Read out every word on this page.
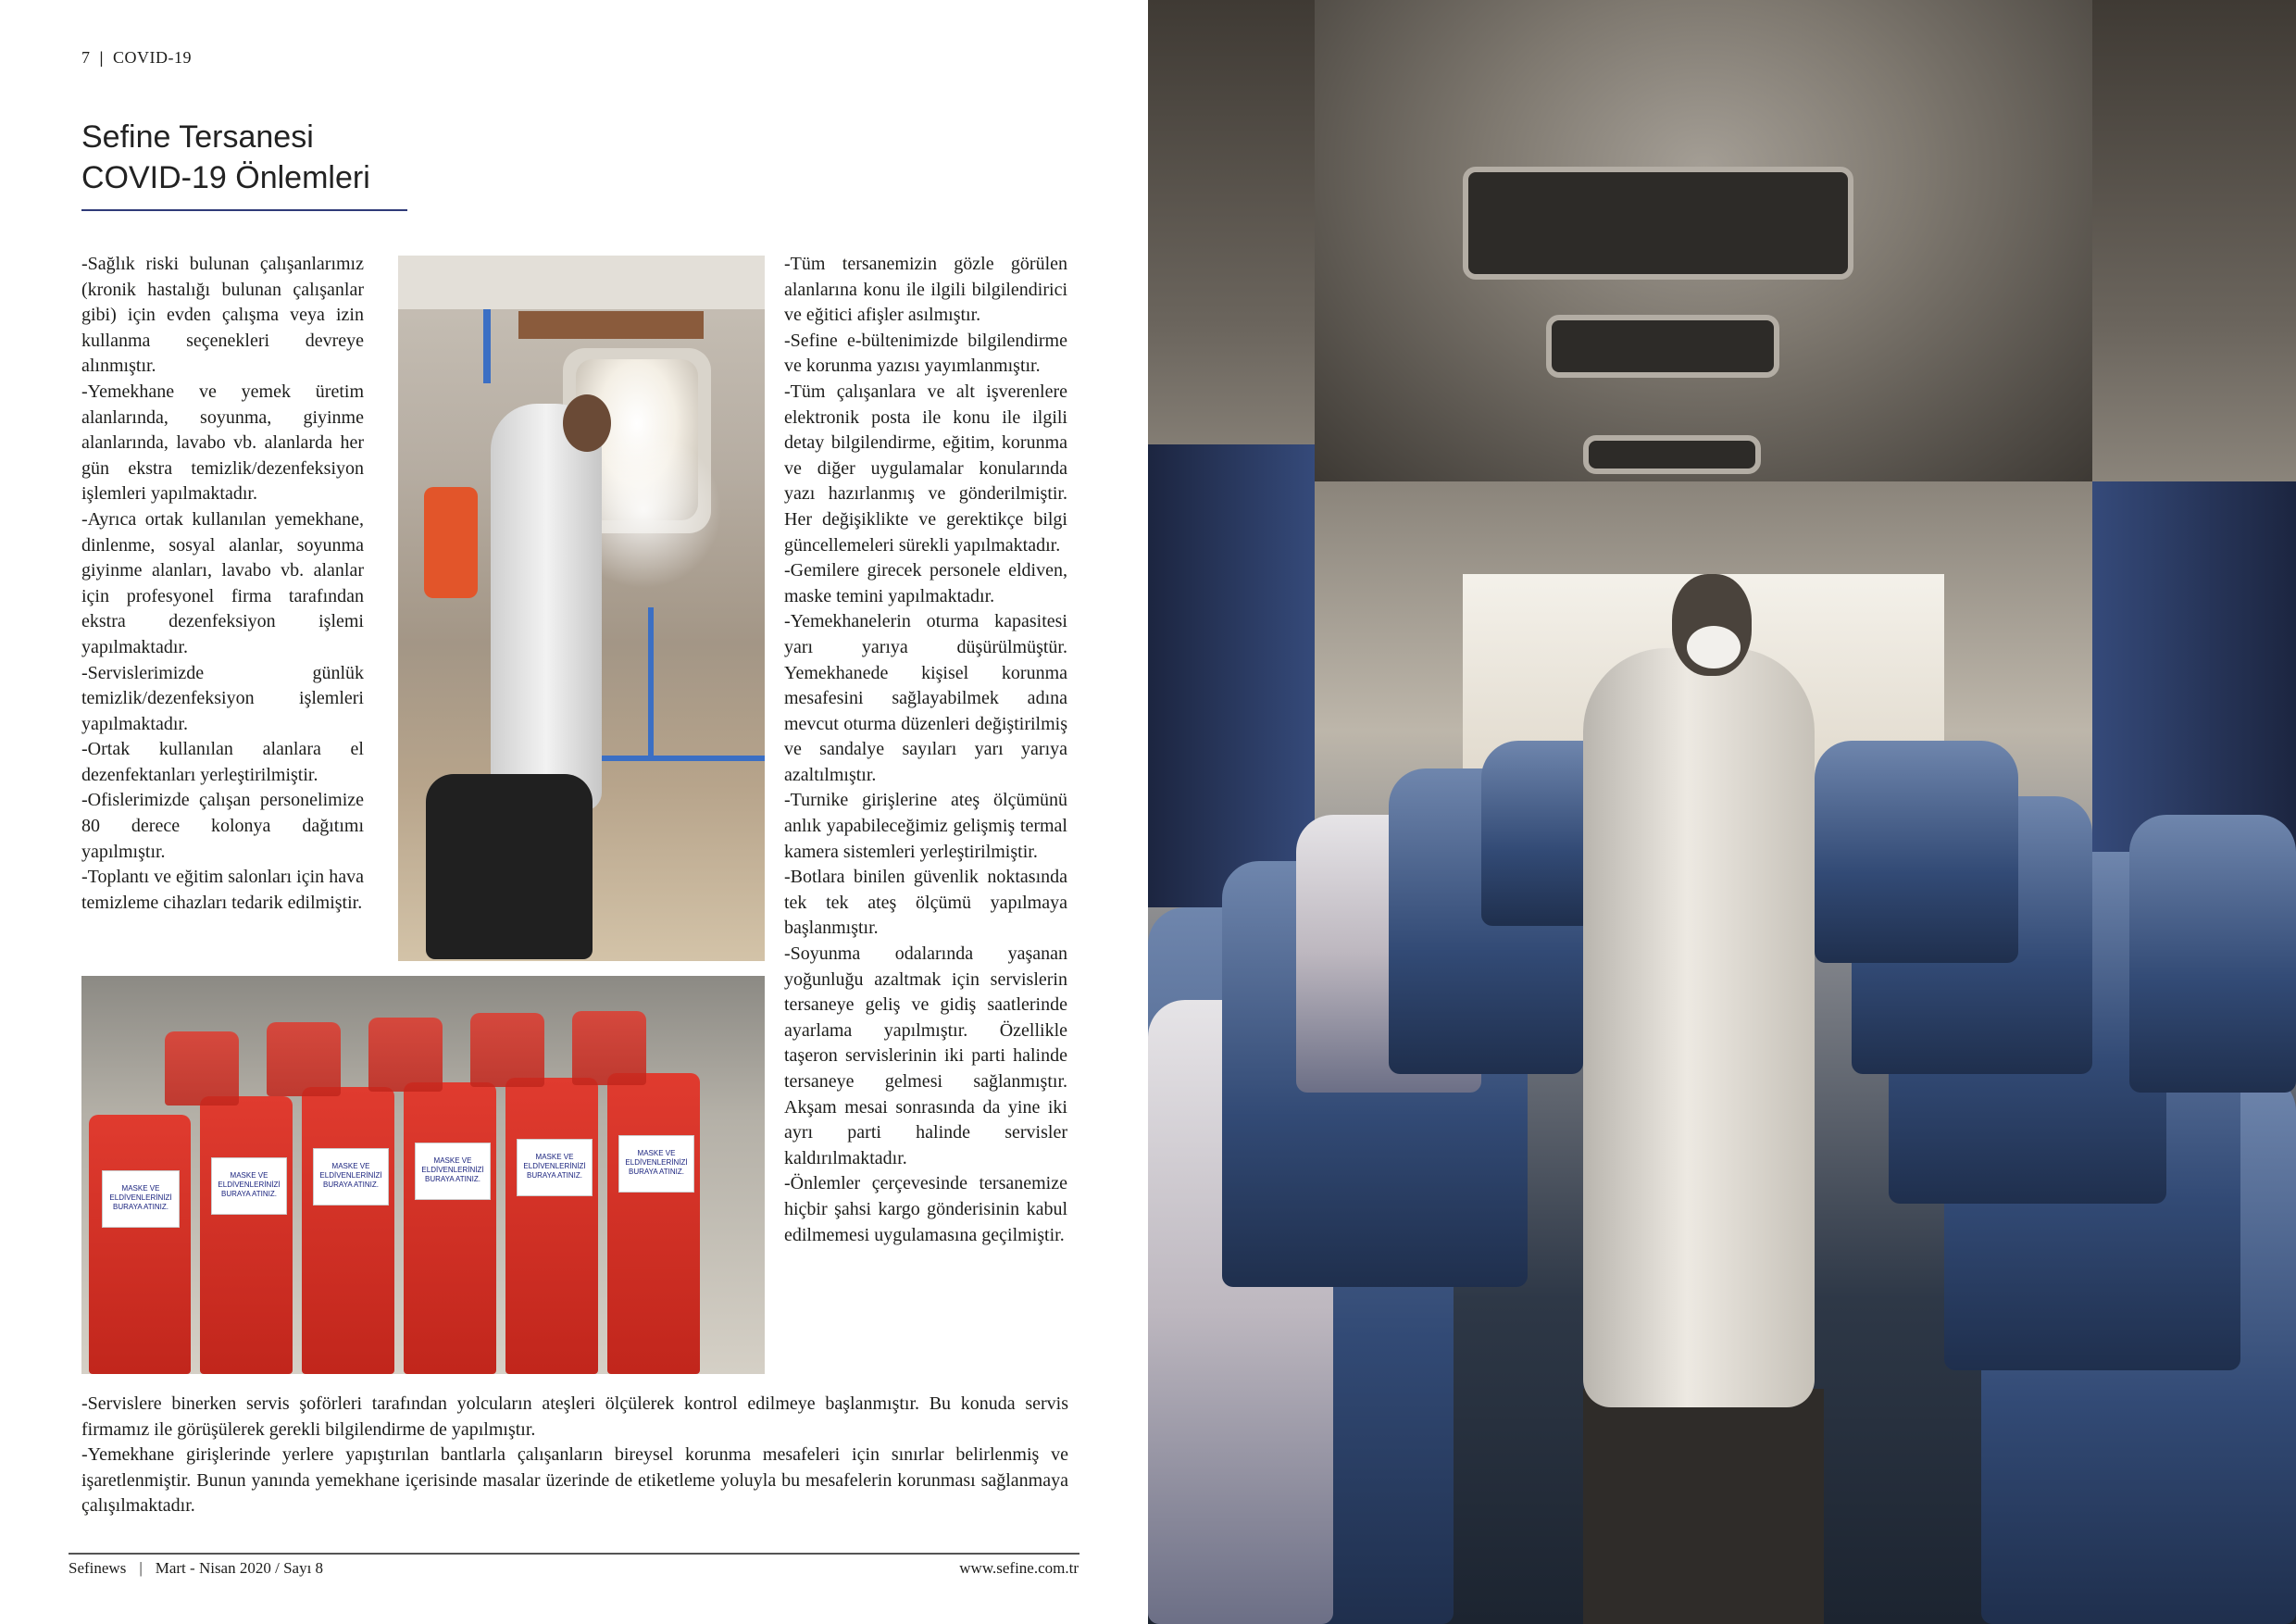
7 | COVID-19
Sefine Tersanesi
COVID-19 Önlemleri

-Sağlık riski bulunan çalışanlarımız (kronik hastalığı bulunan çalışanlar gibi) için evden çalışma veya izin kullanma seçenekleri devreye alınmıştır.

-Yemekhane ve yemek üretim alanlarında, soyunma, giyinme alanlarında, lavabo vb. alanlarda her gün ekstra temizlik/dezenfeksiyon işlemleri yapılmaktadır.

-Ayrıca ortak kullanılan yemekhane, dinlenme, sosyal alanlar, soyunma giyinme alanları, lavabo vb. alanlar için profesyonel firma tarafından ekstra dezenfeksiyon işlemi yapılmaktadır.

-Servislerimizde günlük temizlik/dezenfeksiyon işlemleri yapılmaktadır.

-Ortak kullanılan alanlara el dezenfektanları yerleştirilmiştir.

-Ofislerimizde çalışan personelimize 80 derece kolonya dağıtımı yapılmıştır.

-Toplantı ve eğitim salonları için hava temizleme cihazları tedarik edilmiştir.

MASKE VE ELDİVENLERİNİZİ BURAYA ATINIZ.
MASKE VE ELDİVENLERİNİZİ BURAYA ATINIZ.
MASKE VE ELDİVENLERİNİZİ BURAYA ATINIZ.
MASKE VE ELDİVENLERİNİZİ BURAYA ATINIZ.
MASKE VE ELDİVENLERİNİZİ BURAYA ATINIZ.
MASKE VE ELDİVENLERİNİZİ BURAYA ATINIZ.

-Tüm tersanemizin gözle görülen alanlarına konu ile ilgili bilgilendirici ve eğitici afişler asılmıştır.

-Sefine e-bültenimizde bilgilendirme ve korunma yazısı yayımlanmıştır.

-Tüm çalışanlara ve alt işverenlere elektronik posta ile konu ile ilgili detay bilgilendirme, eğitim, korunma ve diğer uygulamalar konularında yazı hazırlanmış ve gönderilmiştir. Her değişiklikte ve gerektikçe bilgi güncellemeleri sürekli yapılmaktadır.

-Gemilere girecek personele eldiven, maske temini yapılmaktadır.

-Yemekhanelerin oturma kapasitesi yarı yarıya düşürülmüştür. Yemekhanede kişisel korunma mesafesini sağlayabilmek adına mevcut oturma düzenleri değiştirilmiş ve sandalye sayıları yarı yarıya azaltılmıştır.

-Turnike girişlerine ateş ölçümünü anlık yapabileceğimiz gelişmiş termal kamera sistemleri yerleştirilmiştir.

-Botlara binilen güvenlik noktasında tek tek ateş ölçümü yapılmaya başlanmıştır.

-Soyunma odalarında yaşanan yoğunluğu azaltmak için servislerin tersaneye geliş ve gidiş saatlerinde ayarlama yapılmıştır. Özellikle taşeron servislerinin iki parti halinde tersaneye gelmesi sağlanmıştır. Akşam mesai sonrasında da yine iki ayrı parti halinde servisler kaldırılmaktadır.

-Önlemler çerçevesinde tersanemize hiçbir şahsi kargo gönderisinin kabul edilmemesi uygulamasına geçilmiştir.

-Servislere binerken servis şoförleri tarafından yolcuların ateşleri ölçülerek kontrol edilmeye başlanmıştır. Bu konuda servis firmamız ile görüşülerek gerekli bilgilendirme de yapılmıştır.

-Yemekhane girişlerinde yerlere yapıştırılan bantlarla çalışanların bireysel korunma mesafeleri için sınırlar belirlenmiş ve işaretlenmiştir. Bunun yanında yemekhane içerisinde masalar üzerinde de etiketleme yoluyla bu mesafelerin korunması sağlanmaya çalışılmaktadır.

Sefinews | Mart - Nisan 2020 / Sayı 8	www.sefine.com.tr
